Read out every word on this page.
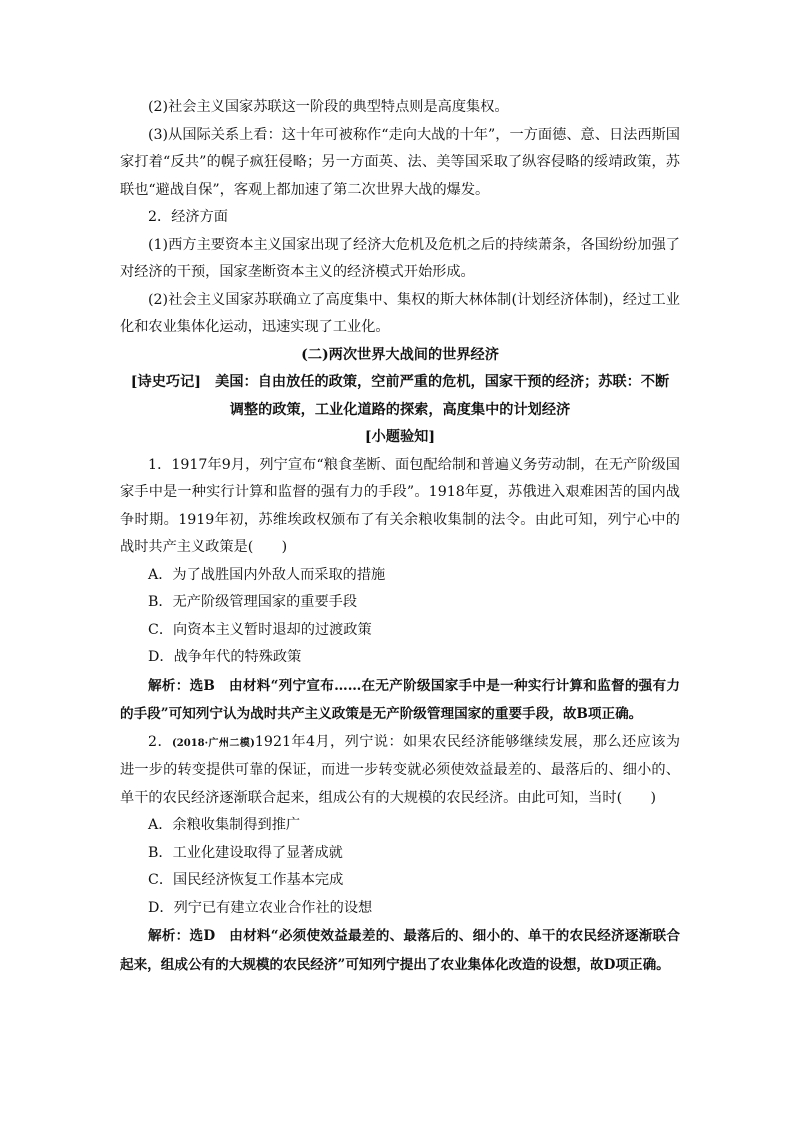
(2)社会主义国家苏联这一阶段的典型特点则是高度集权。

(3)从国际关系上看：这十年可被称作“走向大战的十年”，一方面德、意、日法西斯国家打着“反共”的幌子疯狂侵略；另一方面英、法、美等国采取了纵容侵略的绥靖政策，苏联也“避战自保”，客观上都加速了第二次世界大战的爆发。

2．经济方面

(1)西方主要资本主义国家出现了经济大危机及危机之后的持续萧条，各国纷纷加强了对经济的干预，国家垄断资本主义的经济模式开始形成。

(2)社会主义国家苏联确立了高度集中、集权的斯大林体制(计划经济体制)，经过工业化和农业集体化运动，迅速实现了工业化。

(二)两次世界大战间的世界经济

[诗史巧记]　美国：自由放任的政策，空前严重的危机，国家干预的经济；苏联：不断调整的政策，工业化道路的探索，高度集中的计划经济

[小题验知]

1．1917年9月，列宁宣布“粮食垄断、面包配给制和普遍义务劳动制，在无产阶级国家手中是一种实行计算和监督的强有力的手段”。1918年夏，苏俄进入艰难困苦的国内战争时期。1919年初，苏维埃政权颁布了有关余粮收集制的法令。由此可知，列宁心中的战时共产主义政策是(　　)

A．为了战胜国内外敌人而采取的措施

B．无产阶级管理国家的重要手段

C．向资本主义暂时退却的过渡政策

D．战争年代的特殊政策

解析：选B　由材料“列宁宣布……在无产阶级国家手中是一种实行计算和监督的强有力的手段”可知列宁认为战时共产主义政策是无产阶级管理国家的重要手段，故B项正确。

2．(2018·广州二模)1921年4月，列宁说：如果农民经济能够继续发展，那么还应该为进一步的转变提供可靠的保证，而进一步转变就必须使效益最差的、最落后的、细小的、单干的农民经济逐渐联合起来，组成公有的大规模的农民经济。由此可知，当时(　　)

A．余粮收集制得到推广

B．工业化建设取得了显著成就

C．国民经济恢复工作基本完成

D．列宁已有建立农业合作社的设想

解析：选D　由材料“必须使效益最差的、最落后的、细小的、单干的农民经济逐渐联合起来，组成公有的大规模的农民经济”可知列宁提出了农业集体化改造的设想，故D项正确。
